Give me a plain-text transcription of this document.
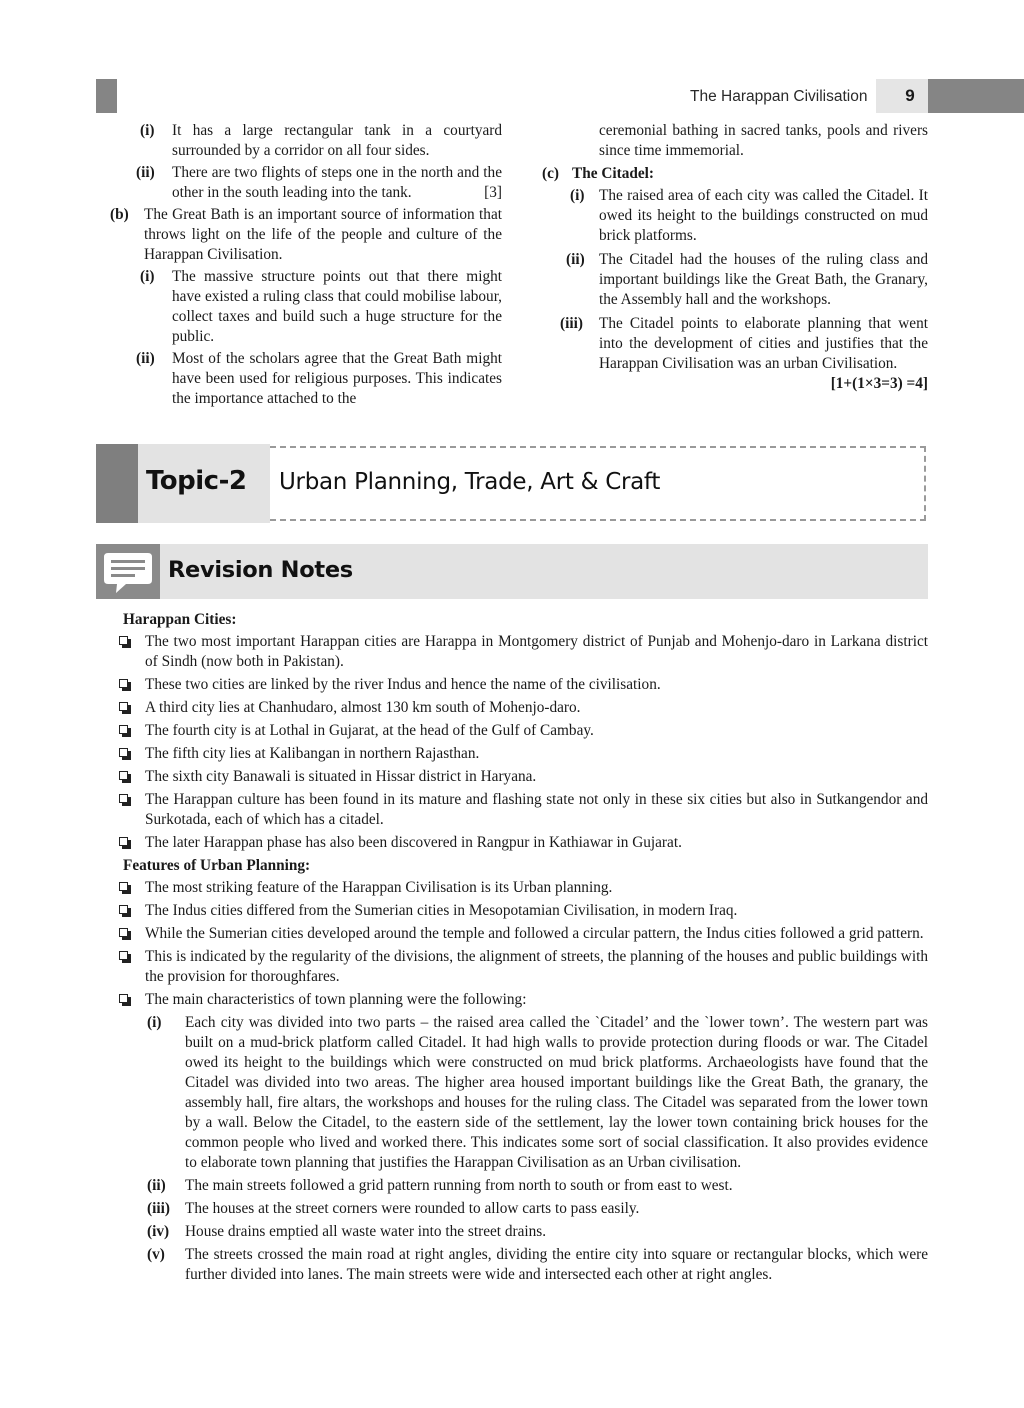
The Harappan Civilisation	9
(i)	It has a large rectangular tank in a courtyard surrounded by a corridor on all four sides.
(ii)	There are two flights of steps one in the north and the other in the south leading into the tank.	[3]
(b) The Great Bath is an important source of information that throws light on the life of the people and culture of the Harappan Civilisation.
(i)	The massive structure points out that there might have existed a ruling class that could mobilise labour, collect taxes and build such a huge structure for the public.
(ii)	Most of the scholars agree that the Great Bath might have been used for religious purposes. This indicates the importance attached to the
ceremonial bathing in sacred tanks, pools and rivers since time immemorial.
(c) The Citadel:
(i) The raised area of each city was called the Citadel. It owed its height to the buildings constructed on mud brick platforms.
(ii) The Citadel had the houses of the ruling class and important buildings like the Great Bath, the Granary, the Assembly hall and the workshops.
(iii)	The Citadel points to elaborate planning that went into the development of cities and justifies that the Harappan Civilisation was an urban Civilisation.
[1+(1×3=3) =4]
Topic-2 Urban Planning, Trade, Art & Craft
Revision Notes

Harappan Cities:

The two most important Harappan cities are Harappa in Montgomery district of Punjab and Mohenjo-daro in Larkana district of Sindh (now both in Pakistan).
These two cities are linked by the river Indus and hence the name of the civilisation.
A third city lies at Chanhudaro, almost 130 km south of Mohenjo-daro.
The fourth city is at Lothal in Gujarat, at the head of the Gulf of Cambay.
The fifth city lies at Kalibangan in northern Rajasthan.
The sixth city Banawali is situated in Hissar district in Haryana.
The Harappan culture has been found in its mature and flashing state not only in these six cities but also in Sutkangendor and Surkotada, each of which has a citadel.
The later Harappan phase has also been discovered in Rangpur in Kathiawar in Gujarat.

Features of Urban Planning:

The most striking feature of the Harappan Civilisation is its Urban planning.
The Indus cities differed from the Sumerian cities in Mesopotamian Civilisation, in modern Iraq.
While the Sumerian cities developed around the temple and followed a circular pattern, the Indus cities followed a grid pattern.
This is indicated by the regularity of the divisions, the alignment of streets, the planning of the houses and public buildings with the provision for thoroughfares.
The main characteristics of town planning were the following:
(i) Each city was divided into two parts – the raised area called the `Citadel’ and the `lower town’. The western part was built on a mud-brick platform called Citadel. It had high walls to provide protection during floods or war. The Citadel owed its height to the buildings which were constructed on mud brick platforms. Archaeologists have found that the Citadel was divided into two areas. The higher area housed important buildings like the Great Bath, the granary, the assembly hall, fire altars, the workshops and houses for the ruling class. The Citadel was separated from the lower town by a wall. Below the Citadel, to the eastern side of the settlement, lay the lower town containing brick houses for the common people who lived and worked there. This indicates some sort of social classification. It also provides evidence to elaborate town planning that justifies the Harappan Civilisation as an Urban civilisation.
(ii) The main streets followed a grid pattern running from north to south or from east to west.
(iii) The houses at the street corners were rounded to allow carts to pass easily.
(iv) House drains emptied all waste water into the street drains.
(v) The streets crossed the main road at right angles, dividing the entire city into square or rectangular blocks, which were further divided into lanes. The main streets were wide and intersected each other at right angles.
